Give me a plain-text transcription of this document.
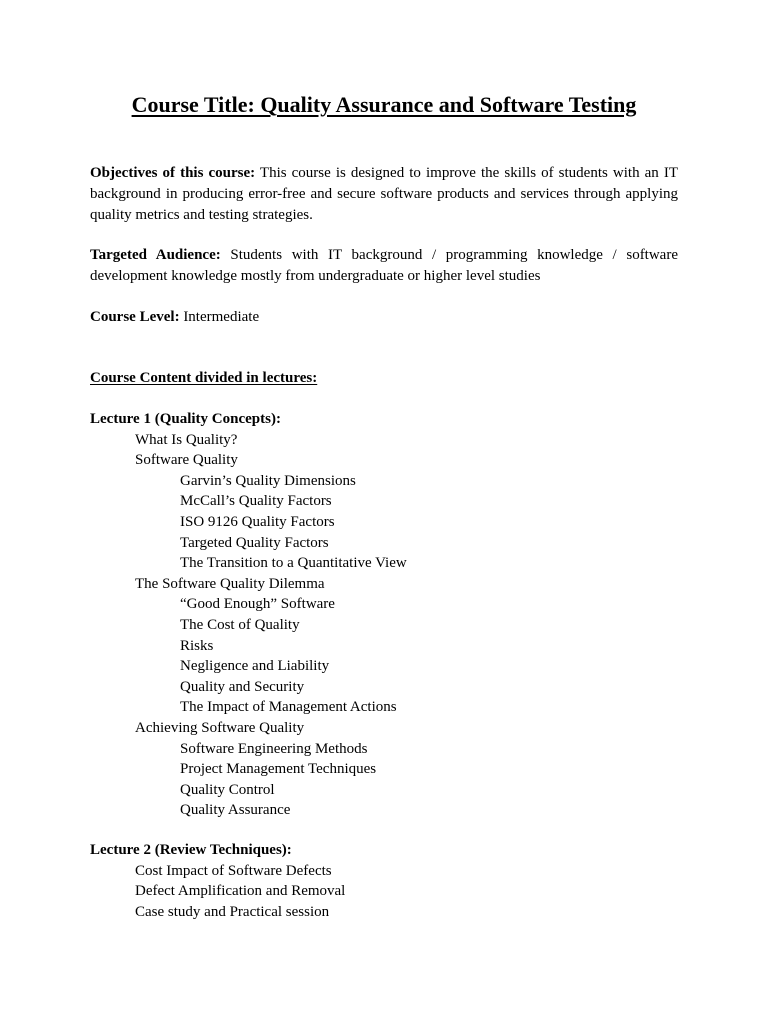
Course Title: Quality Assurance and Software Testing

Objectives of this course: This course is designed to improve the skills of students with an IT background in producing error-free and secure software products and services through applying quality metrics and testing strategies.

Targeted Audience: Students with IT background / programming knowledge / software development knowledge mostly from undergraduate or higher level studies

Course Level: Intermediate

Course Content divided in lectures:

Lecture 1 (Quality Concepts):
What Is Quality?
Software Quality
Garvin’s Quality Dimensions
McCall’s Quality Factors
ISO 9126 Quality Factors
Targeted Quality Factors
The Transition to a Quantitative View
The Software Quality Dilemma
“Good Enough” Software
The Cost of Quality
Risks
Negligence and Liability
Quality and Security
The Impact of Management Actions
Achieving Software Quality
Software Engineering Methods
Project Management Techniques
Quality Control
Quality Assurance
Lecture 2 (Review Techniques):
Cost Impact of Software Defects
Defect Amplification and Removal
Case study and Practical session
